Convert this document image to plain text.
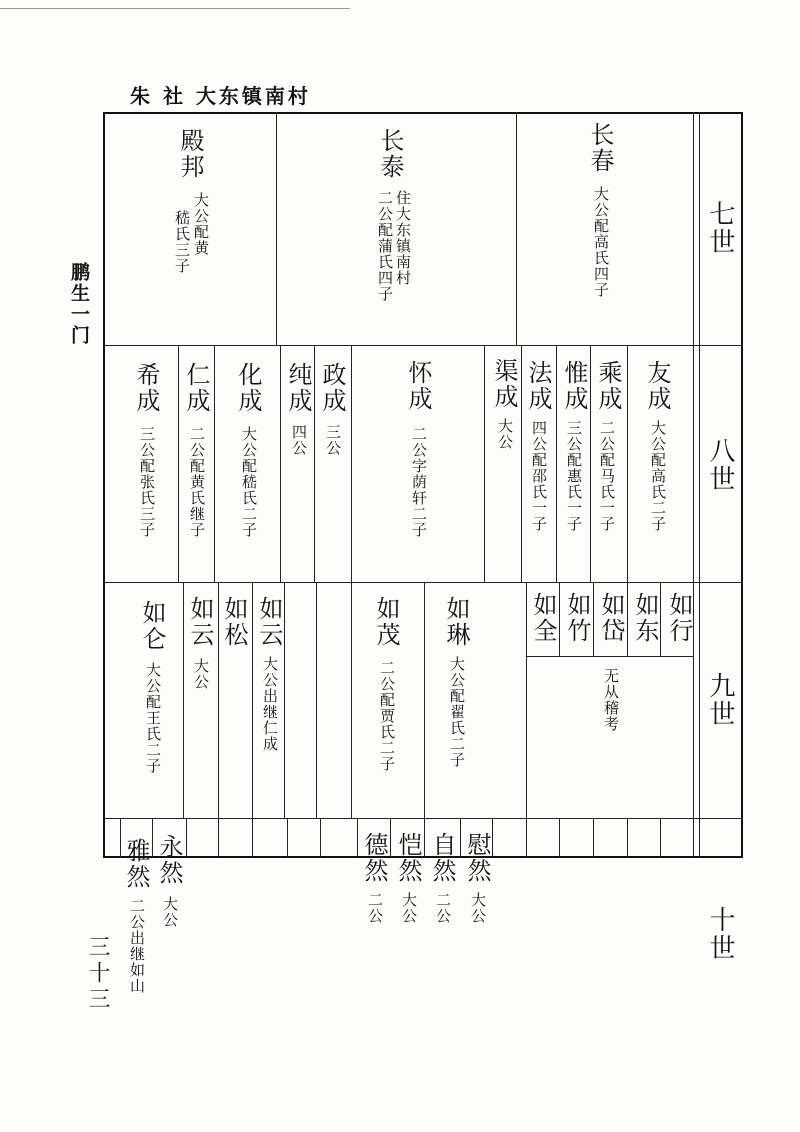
朱 社 大东镇南村
鹏生一门
三十三
七世
八世
九世
十世
长春
大公配高氏四子
长泰
住大东镇南村
二公配蒲氏四子
殿邦
大公配黄
嵇氏三子
友成
大公配高氏二子
乘成
二公配马氏一子
惟成
三公配惠氏一子
法成
四公配邵氏一子
渠成
大公
怀成
二公字荫轩二子
政成
三公
纯成
四公
化成
大公配嵇氏二子
仁成
二公配黄氏继子
希成
三公配张氏三子
如行
如东
如岱
如竹
如全
无从稽考
如琳
大公配翟氏二子
如茂
二公配贾氏二子
如云
大公出继仁成
如松
如云
大公
如仑
大公配王氏二子
慰然
大公
自然
二公
恺然
大公
德然
二公
永然
大公
雅然
二公出继如山
